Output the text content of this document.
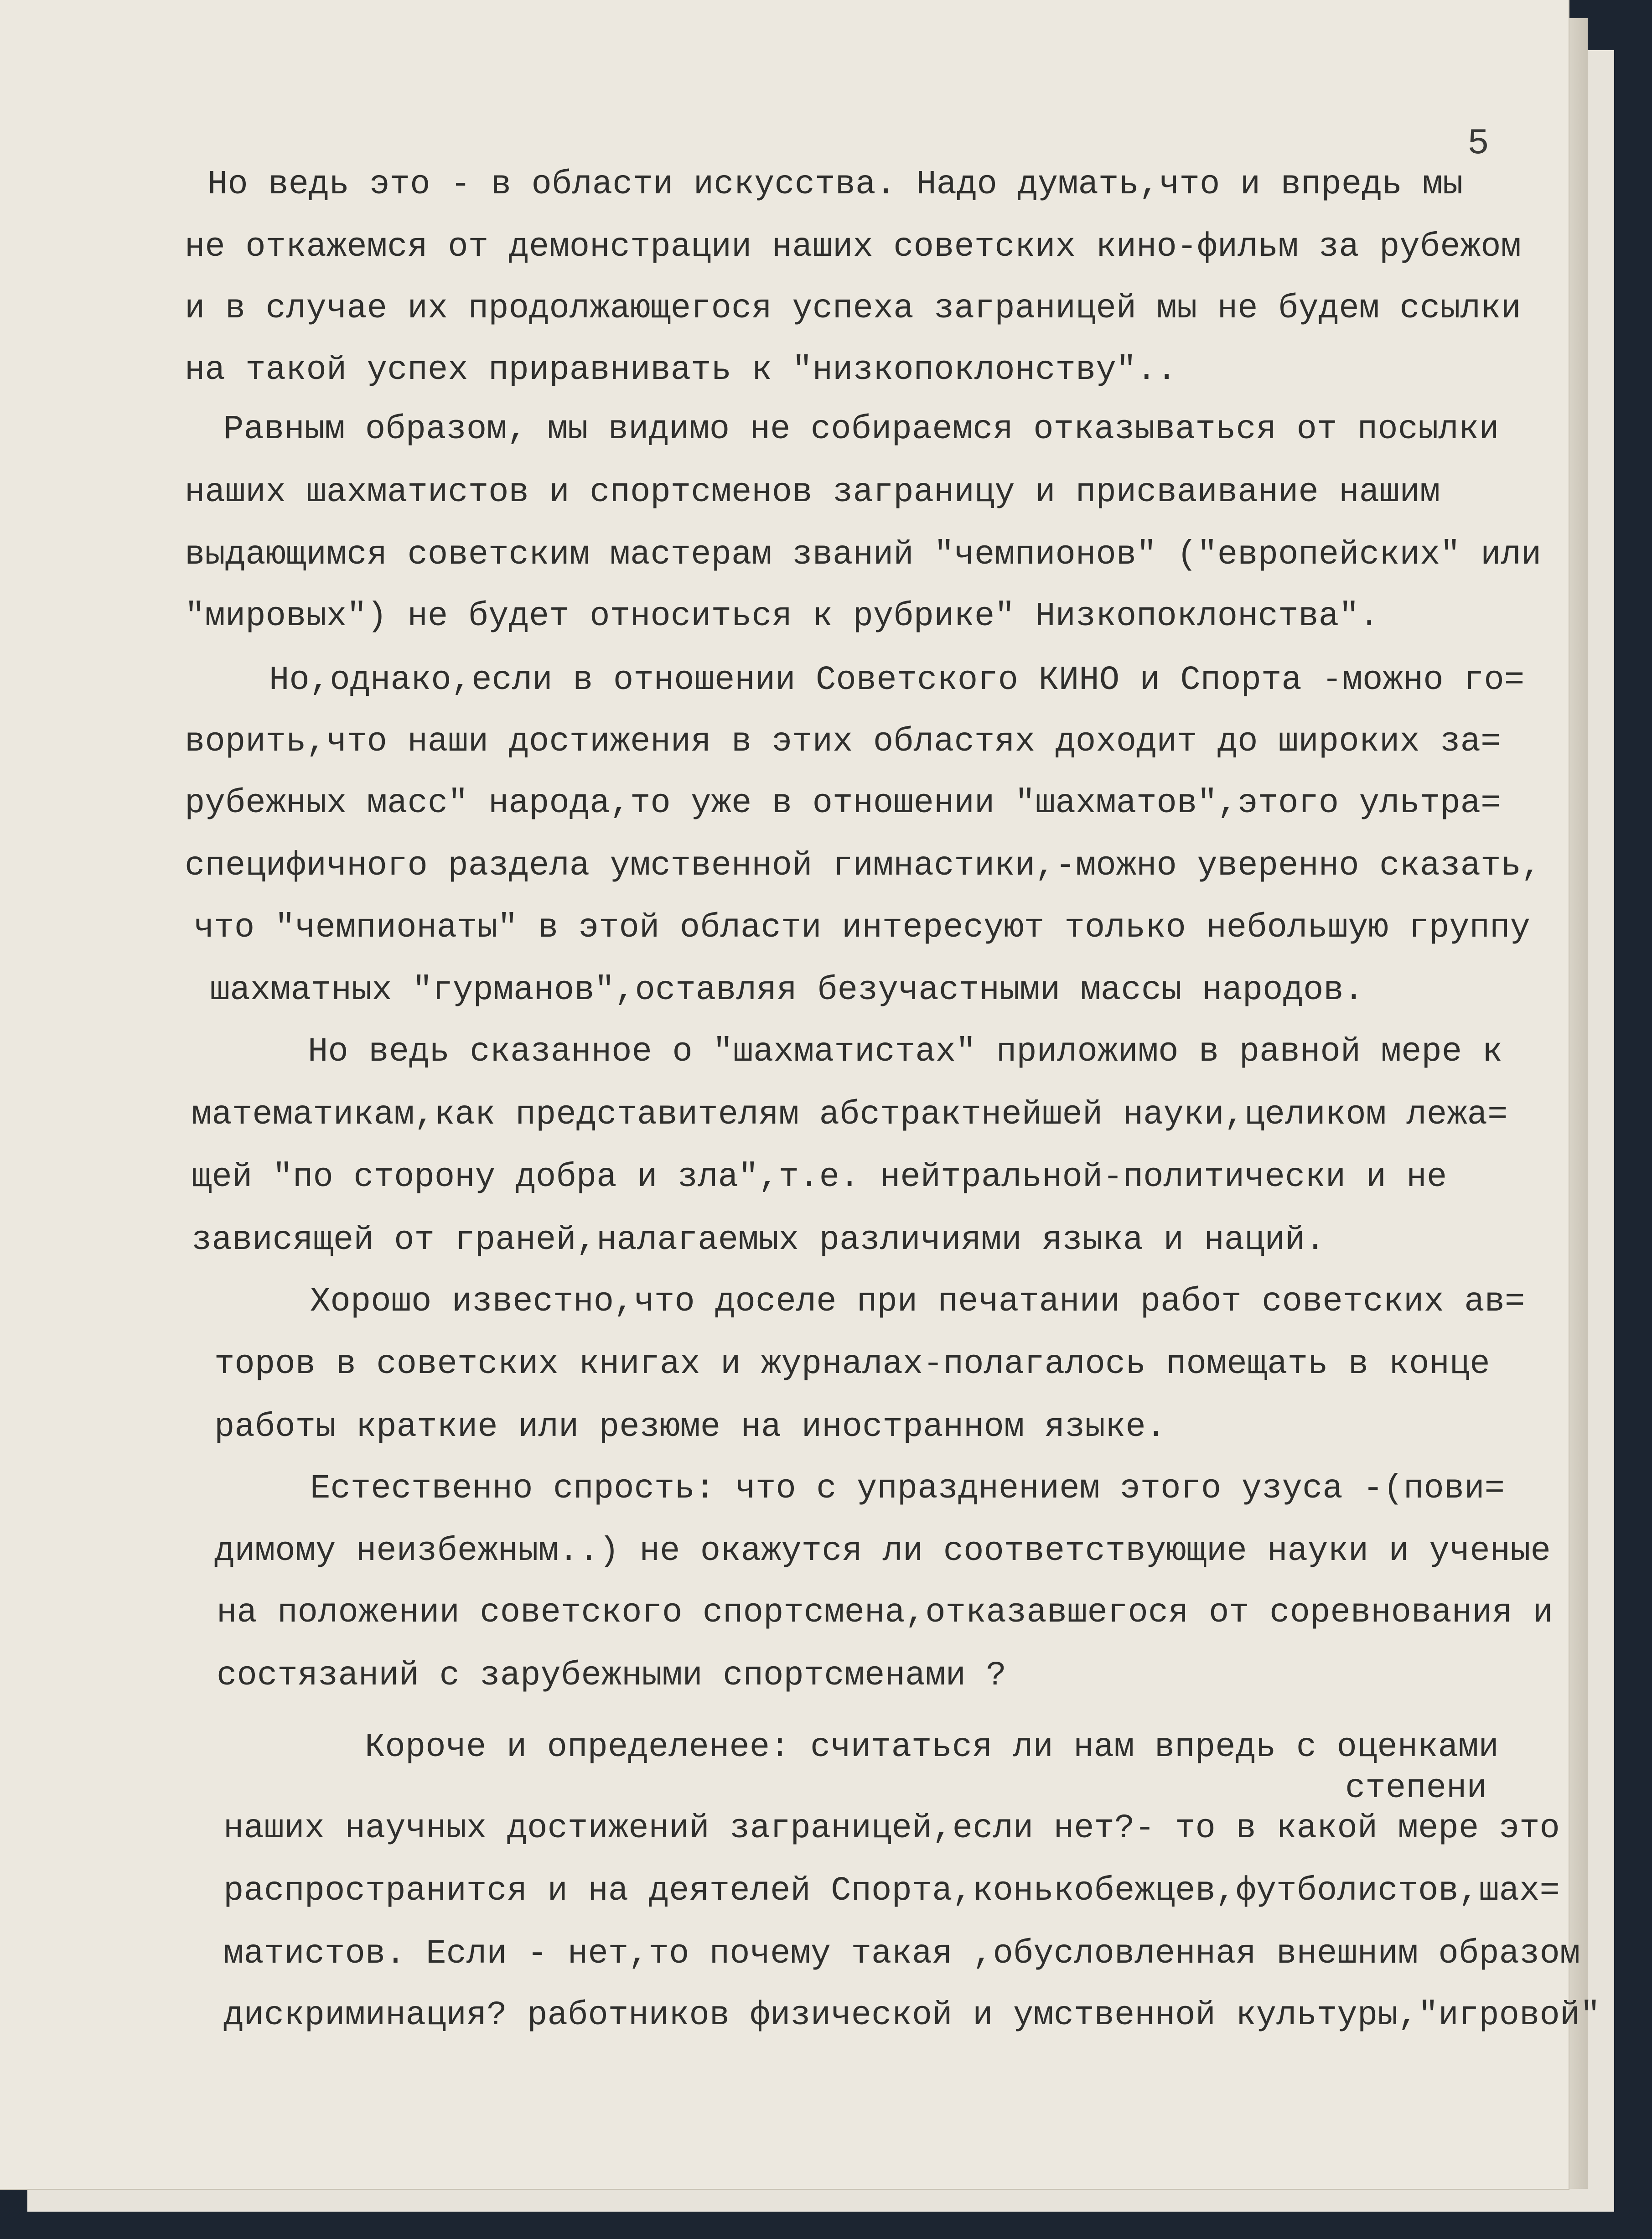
5
Но ведь это - в области искусства. Надо думать,что и впредь мы
не откажемся от демонстрации наших советских кино-фильм за рубежом
и в случае их продолжающегося успеха заграницей мы не будем ссылки
на такой успех приравнивать к "низкопоклонству"..
Равным образом, мы видимо не собираемся отказываться от посылки
наших шахматистов и спортсменов заграницу и присваивание нашим
выдающимся советским мастерам званий "чемпионов" ("европейских" или
"мировых") не будет относиться к рубрике" Низкопоклонства".
Но,однако,если в отношении Советского КИНО и Спорта -можно го=
ворить,что наши достижения в этих областях доходит до широких за=
рубежных масс" народа,то уже в отношении "шахматов",этого ультра=
специфичного раздела умственной гимнастики,-можно уверенно сказать,
что "чемпионаты" в этой области интересуют только небольшую группу
шахматных "гурманов",оставляя безучастными массы народов.
Но ведь сказанное о "шахматистах" приложимо в равной мере к
математикам,как представителям абстрактнейшей науки,целиком лежа=
щей "по сторону добра и зла",т.е. нейтральной-политически и не
зависящей от граней,налагаемых различиями языка и наций.
Хорошо известно,что доселе при печатании работ советских ав=
торов в советских книгах и журналах-полагалось помещать в конце
работы краткие или резюме на иностранном языке.
Естественно спрость: что с упразднением этого узуса -(пови=
димому неизбежным..) не окажутся ли соответствующие науки и ученые
на положении советского спортсмена,отказавшегося от соревнования и
состязаний с зарубежными спортсменами ?
Короче и определенее: считаться ли нам впредь с оценками
степени
наших научных достижений заграницей,если нет?- то в какой мере это
распространится и на деятелей Спорта,конькобежцев,футболистов,шах=
матистов. Если - нет,то почему такая ,обусловленная внешним образом
дискриминация? работников физической и умственной культуры,"игровой"
